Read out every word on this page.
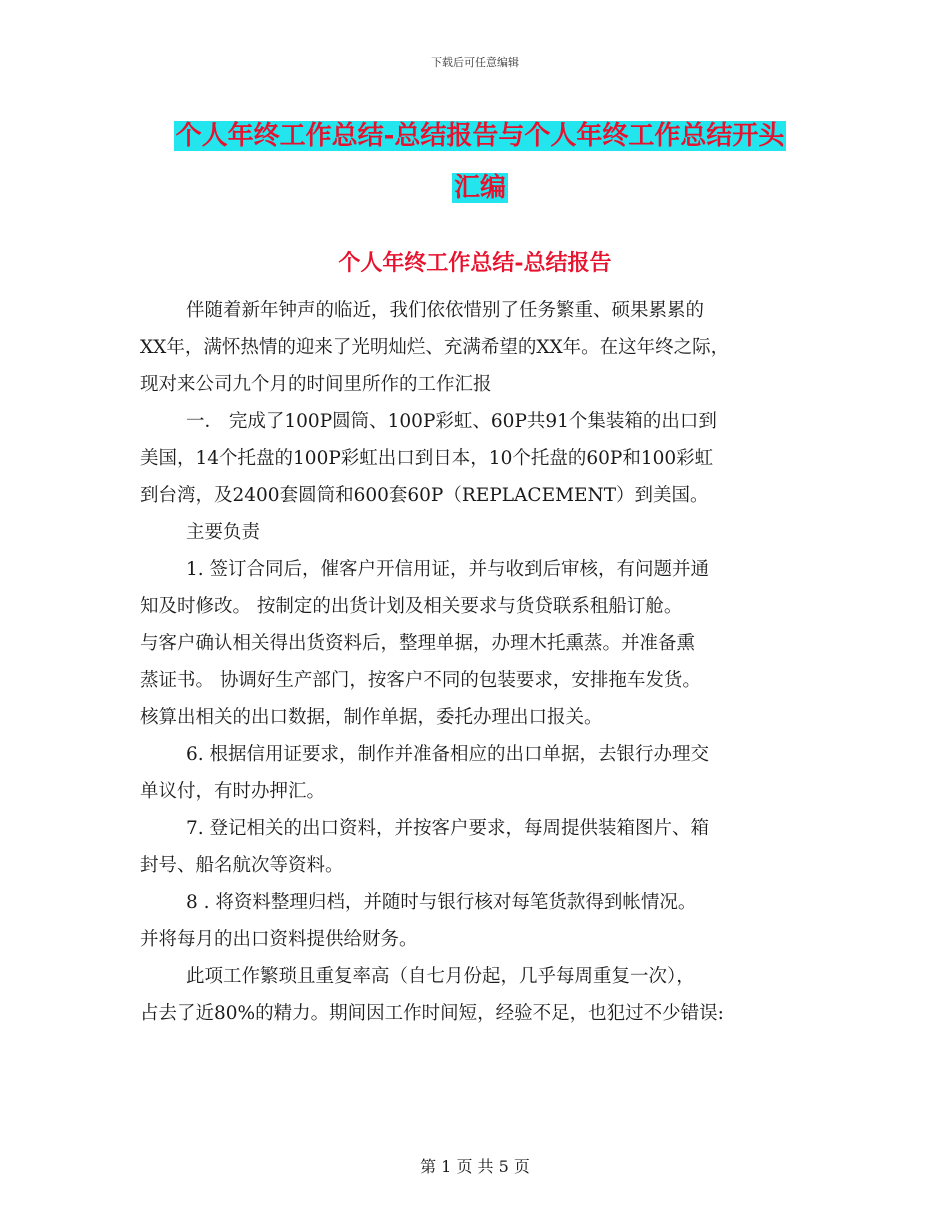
下载后可任意编辑
个人年终工作总结-总结报告与个人年终工作总结开头
汇编
个人年终工作总结-总结报告

伴随着新年钟声的临近，我们依依惜别了任务繁重、硕果累累的

XX年，满怀热情的迎来了光明灿烂、充满希望的XX年。在这年终之际，

现对来公司九个月的时间里所作的工作汇报

一． 完成了100P圆筒、100P彩虹、60P共91个集装箱的出口到

美国，14个托盘的100P彩虹出口到日本，10个托盘的60P和100彩虹

到台湾，及2400套圆筒和600套60P（REPLACEMENT）到美国。

主要负责

1. 签订合同后，催客户开信用证，并与收到后审核，有问题并通

知及时修改。 按制定的出货计划及相关要求与货贷联系租船订舱。

与客户确认相关得出货资料后，整理单据，办理木托熏蒸。并准备熏

蒸证书。 协调好生产部门，按客户不同的包装要求，安排拖车发货。

核算出相关的出口数据，制作单据，委托办理出口报关。

6. 根据信用证要求，制作并准备相应的出口单据，去银行办理交

单议付，有时办押汇。

7. 登记相关的出口资料，并按客户要求，每周提供装箱图片、箱

封号、船名航次等资料。

8 . 将资料整理归档，并随时与银行核对每笔货款得到帐情况。

并将每月的出口资料提供给财务。

此项工作繁琐且重复率高（自七月份起，几乎每周重复一次），

占去了近80%的精力。期间因工作时间短，经验不足，也犯过不少错误:

第 1 页 共 5 页
